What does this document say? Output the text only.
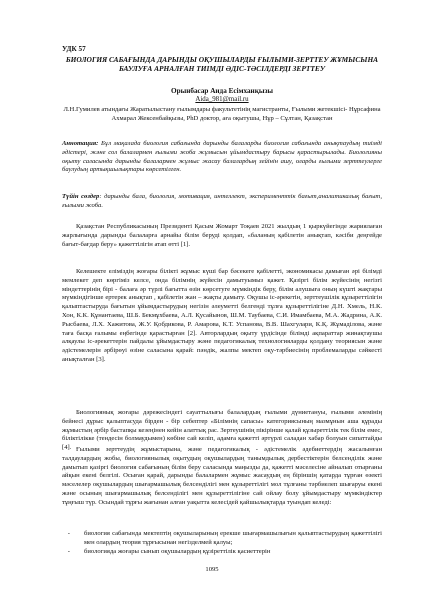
УДК 57
БИОЛОГИЯ САБАҒЫНДА ДАРЫНДЫ ОҚУШЫЛАРДЫ ҒЫЛЫМИ-ЗЕРТТЕУ ЖҰМЫСЫНА БАУЛУҒА АРНАЛҒАН ТИІМДІ ӘДІС-ТӘСІЛДЕРДІ ЗЕРТТЕУ
Орынбасар Аида Есімханқызы
Aida_981@mail.ru
Л.Н.Гумилев атындағы Жаратылыстану ғылымдары факультетінің магистранты, Ғылыми жетекшісі- Нұрсафина Ахмарал Жексенбайқызы, PhD доктор, аға оқытушы, Нұр – Сұлтан, Қазақстан
Аннотация: Бұл мақалада биология сабағында дарынды балаларды биология сабағында анықтаудың тиімді әдістері, және сол балалармен ғылыми жоба жұмысын ұйымдастыру барысы қарастырылады. Биологияны оқыту саласында дарынды балалармен жұмыс жасау балалардың зейінін ашу, оларды ғылыми зерттеулерге баулудың артықшылықтары көрсетілген.
Түйін сөздер: дарынды бала, биология, мотивация, интеллект, эксперименттік бағыт,аналитикалық бағыт, ғылыми жоба.
Қазақстан Республикасының Президенті Қасым Жомарт Тоқаев 2021 жылдың 1 қыркүйегінде жариялаған жарлығында дарынды балаларға арнайы білім беруді қолдап, «баланың қабілетін анықтап, кәсіби деңгейде бағыт-бағдар беру» қажеттілігін атап өтті [1].
Келешекте еліміздің жоғары білікті жұмыс күші бар бәсекеге қабілетті, экономикасы дамыған әрі білімді мемлекет деп көргіміз келсе, онда білімнің жүйесін дамытуымыз қажет. Қазіргі білім жүйесінің негізгі міндеттерінің бірі - балаға әр түрлі бағытта өзін көрсетуге мүмкіндік беру, білім алушыға оның күшті жақтары мүмкіндігінше ертерек анықтап , қабілетін жан – жақты дамыту. Оқушы іс-әрекетін, зерттеушілік құзыреттілігін қалыптастыруда бағытын ұйымдастырудың негізін әлеуметті белгенді тұлға құзыреттілігіне Д.Н. Хмель, Н.К. Хон, К.К. Құнантаева, Ш.Б. Бекмұхбаева, А.Л. Қусайынов, Ш.М. Таубаева, С.И. Имамбаева, М.А. Жадрина, А.К. Рысбаева, Л.Х. Хажитова, Ж.У. Қобдикова, Р. Амарова, К.Т. Успанова, В.В. Шахгулари, К.Қ. Жұмаділова, және таға басқа ғалымы еңбегінде қарастырған [2]. Авторлардың оқыту үрдісінде білімді ақпараттар жинақтаушы алқаулы іс-әрекеттерін пайдалы ұйымдастыру және педагогикалық технологияларды қолдану теориясын және әдістемелерін әрбірөуі өзіне саласына қарай: пәндік, жалпы мектеп оқу-тәрбиесінің проблемаларды сәйкесті анықталған [3].
Биологиянық жоғары дәрежесіндегі сауаттылығы балалардың ғылыми дүниетануы, ғылыми әлемінің бейнесі дұрыс қалыптасуда бірден - бір себептер «Білімнің сапасы» категориясының мазмұнын аша құрады жұмыстың әрбір бастапқы кезеңінен кейін алаттық рас. Зертеушінің пікірінше қалай құзыреттілік тек білім емес, біліктілікке (тендесін болмаудымен) көбіне сай келіп, адамға қажетті əртүрлі саладан хабар болуын сипаттайды [4]. Ғылыми зерттеудің жұмыстарына, және педагогикалық - әдістемелік әдебиеттердің жасалынған талдаулардың жобы, биологиянылық оқытудың оқушылардың танымдылық дербестіктерін белсенділік және дамытып қазіргі биология сабағының білім беру саласында маңызды да, қажетті мәселесіне айналып отырғаны айқын екені белгілі. Осыған қарай, дарынды балалармен жұмыс жасаудың ең біріншің қатарда тұрған өзекті мәселелер оқушылардың шығармашылық белсенділігі мен құзыреттілігі мол тұлғаны тәрбиелеп шығаруы екені және осының шығармашылық белсенділігі мен құзыреттілігіне сай ойлау болу ұйымдастыру мүмкіндіктер тұңғыш түр. Осындай тұрғы жағынан алған уақытта келесідей қайшылықтарда туындап келеді:
-	биология сабағында мектептің оқушыларының ерекше шығармашылығын қалыптастырудың қажеттілігі мен олардың теория тұрғысынан негізделмей қалуы;
-	биологияда жоғары сынып оқушылардың құзіреттілік қасиеттерін
1095
